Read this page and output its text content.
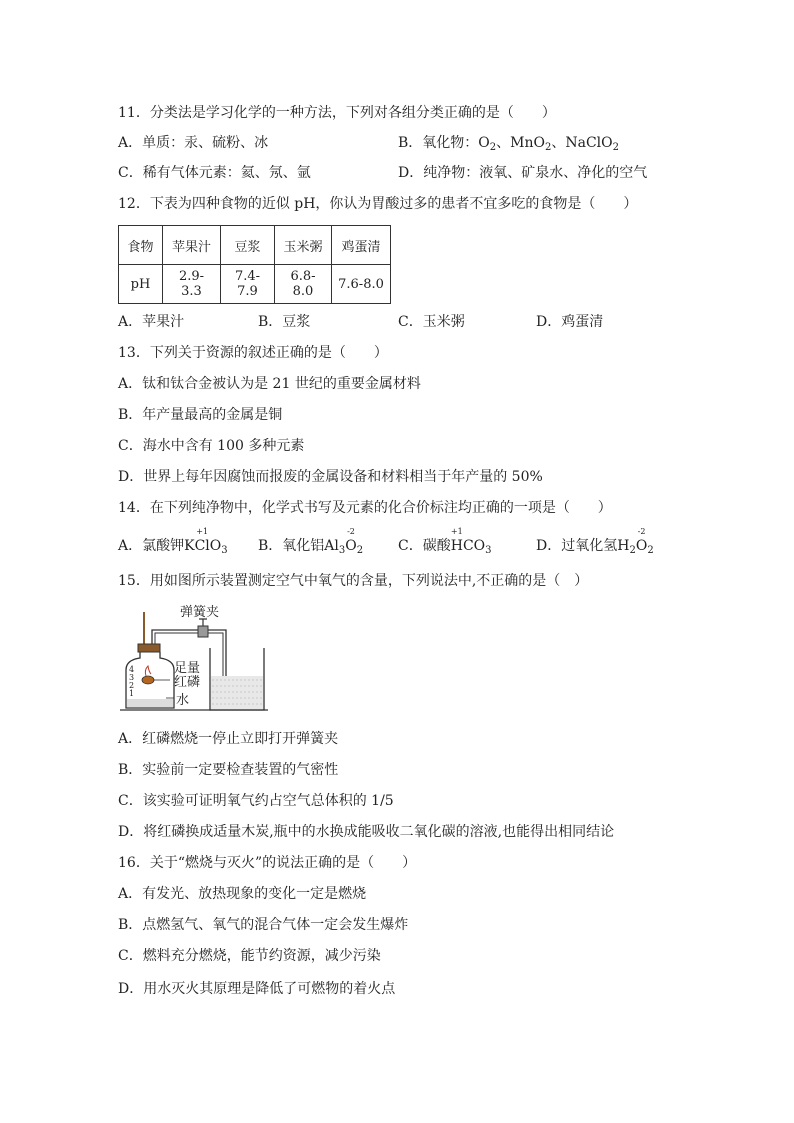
11．分类法是学习化学的一种方法，下列对各组分类正确的是（　　）
A．单质：汞、硫粉、冰	B．氧化物：$O_2$、MnO$_2$、NaClO$_2$
C．稀有气体元素：氦、氖、氩	D．纯净物：液氧、矿泉水、净化的空气
12．下表为四种食物的近似 pH，你认为胃酸过多的患者不宜多吃的食物是（　　）
食物	苹果汁	豆浆	玉米粥	鸡蛋清
pH	2.9-3.3	7.4-7.9	6.8-8.0	7.6-8.0
A．苹果汁	B．豆浆	C．玉米粥	D．鸡蛋清
13．下列关于资源的叙述正确的是（　　）
A．钛和钛合金被认为是 21 世纪的重要金属材料
B．年产量最高的金属是铜
C．海水中含有 100 多种元素
D．世界上每年因腐蚀而报废的金属设备和材料相当于年产量的 50%
14．在下列纯净物中，化学式书写及元素的化合价标注均正确的一项是（　　）
A．氯酸钾K
+1
ClO$_3$ B．氧化铝$Al_3$
-2
$O_2$ C．碳酸
+1
$HCO_3$	D．过氧化氢$H_2$
-2
$O_2$
15．用如图所示装置测定空气中氧气的含量，下列说法中,不正确的是（　）
弹簧夹
4
3
2
1
足量
红磷
水
A．红磷燃烧一停止立即打开弹簧夹
B．实验前一定要检查装置的气密性
C．该实验可证明氧气约占空气总体积的 1/5
D．将红磷换成适量木炭,瓶中的水换成能吸收二氧化碳的溶液,也能得出相同结论
16．关于“燃烧与灭火”的说法正确的是（　　）
A．有发光、放热现象的变化一定是燃烧
B．点燃氢气、氧气的混合气体一定会发生爆炸
C．燃料充分燃烧，能节约资源，减少污染
D．用水灭火其原理是降低了可燃物的着火点
